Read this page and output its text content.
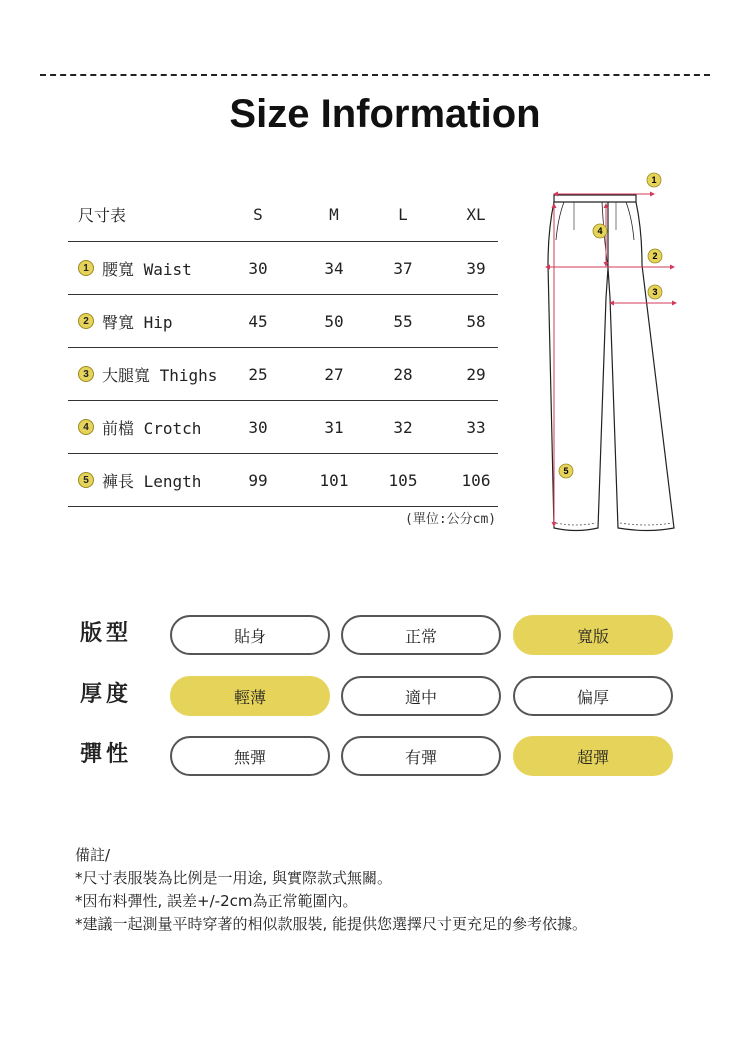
Size Information
尺寸表	S	M	L	XL
1 腰寬 Waist	30	34	37	39
2 臀寬 Hip	45	50	55	58
3 大腿寬 Thighs	25	27	28	29
4 前檔 Crotch	30	31	32	33
5 褲長 Length	99	101	105	106
(單位:公分cm)
1
2
3
4
5
版型	貼身	正常	寬版
厚度	輕薄	適中	偏厚
彈性	無彈	有彈	超彈
備註/
*尺寸表服裝為比例是一用途, 與實際款式無關。
*因布料彈性, 誤差+/-2cm為正常範圍內。
*建議一起測量平時穿著的相似款服裝, 能提供您選擇尺寸更充足的參考依據。
